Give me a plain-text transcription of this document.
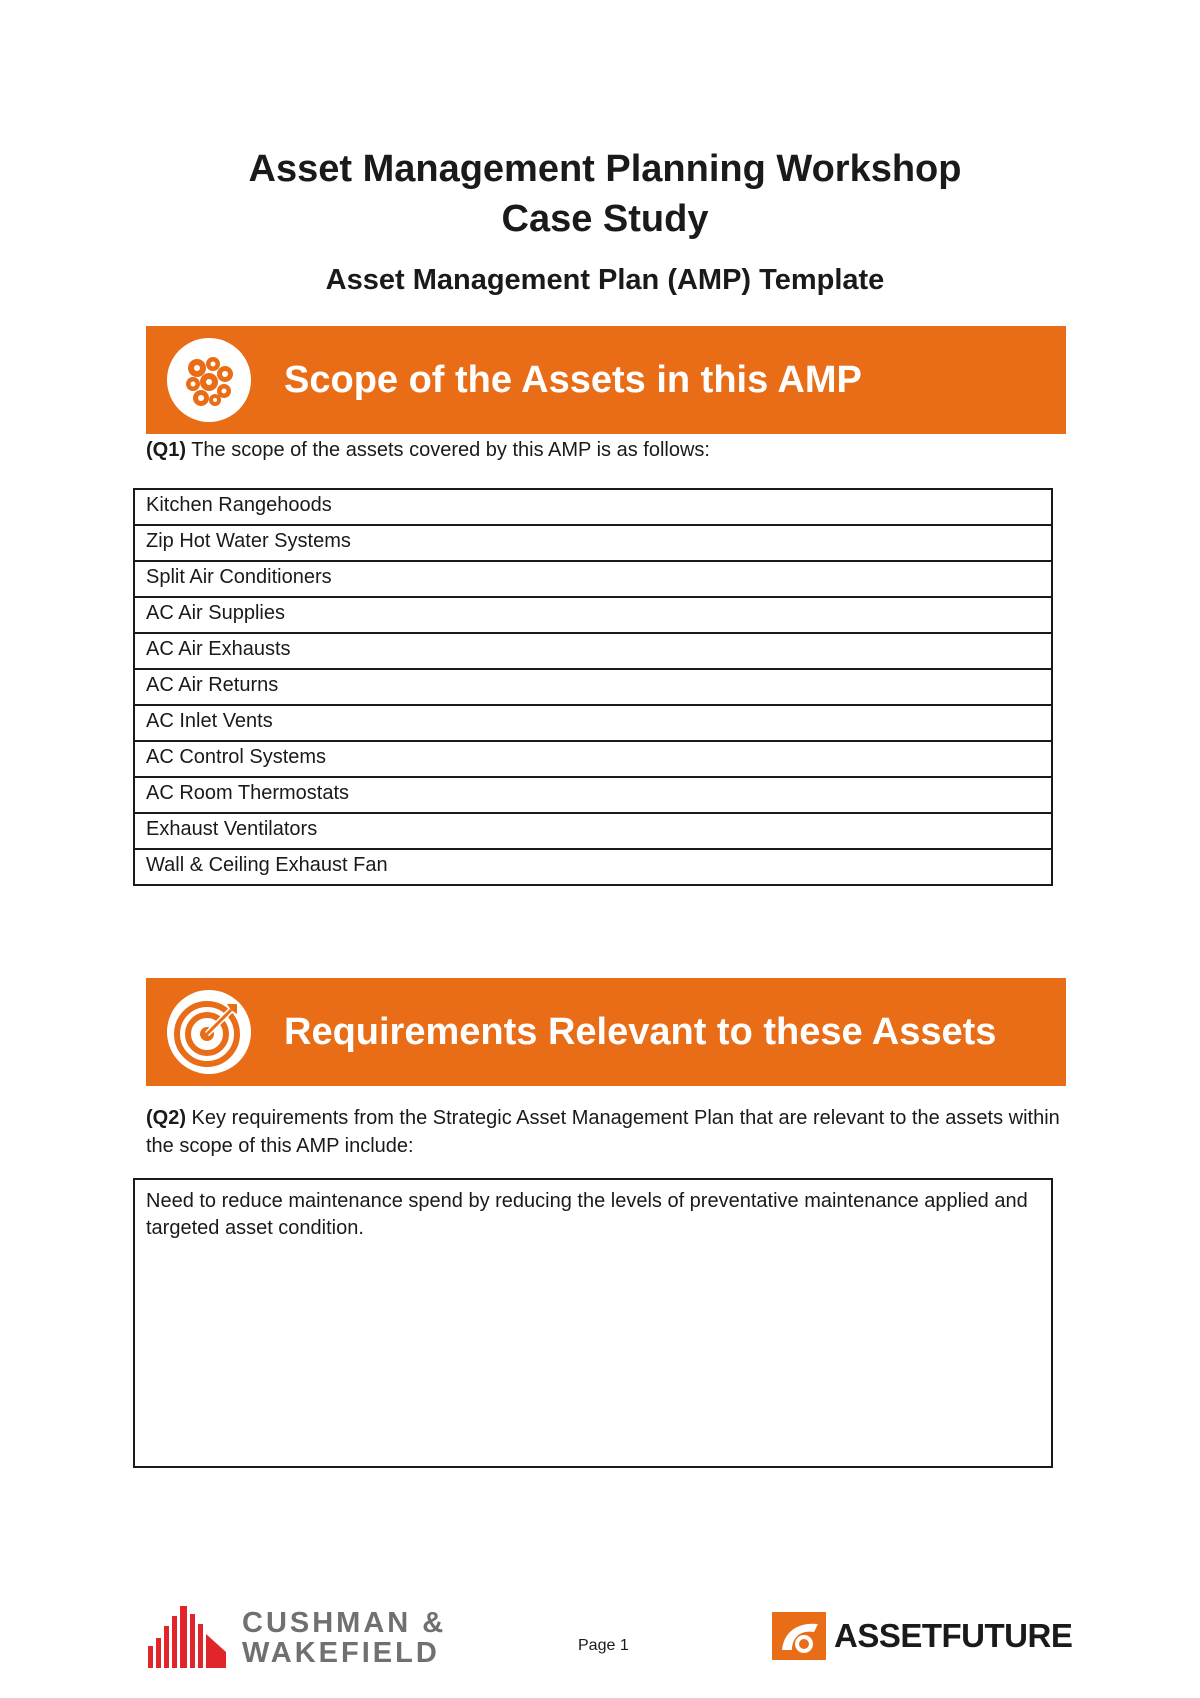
Asset Management Planning Workshop
Case Study
Asset Management Plan (AMP) Template
Scope of the Assets in this AMP
(Q1) The scope of the assets covered by this AMP is as follows:
Kitchen Rangehoods
Zip Hot Water Systems
Split Air Conditioners
AC Air Supplies
AC Air Exhausts
AC Air Returns
AC Inlet Vents
AC Control Systems
AC Room Thermostats
Exhaust Ventilators
Wall & Ceiling Exhaust Fan
Requirements Relevant to these Assets
(Q2) Key requirements from the Strategic Asset Management Plan that are relevant to the assets within the scope of this AMP include:
Need to reduce maintenance spend by reducing the levels of preventative maintenance applied and targeted asset condition.
CUSHMAN &
WAKEFIELD	Page 1	ASSETFUTURE
